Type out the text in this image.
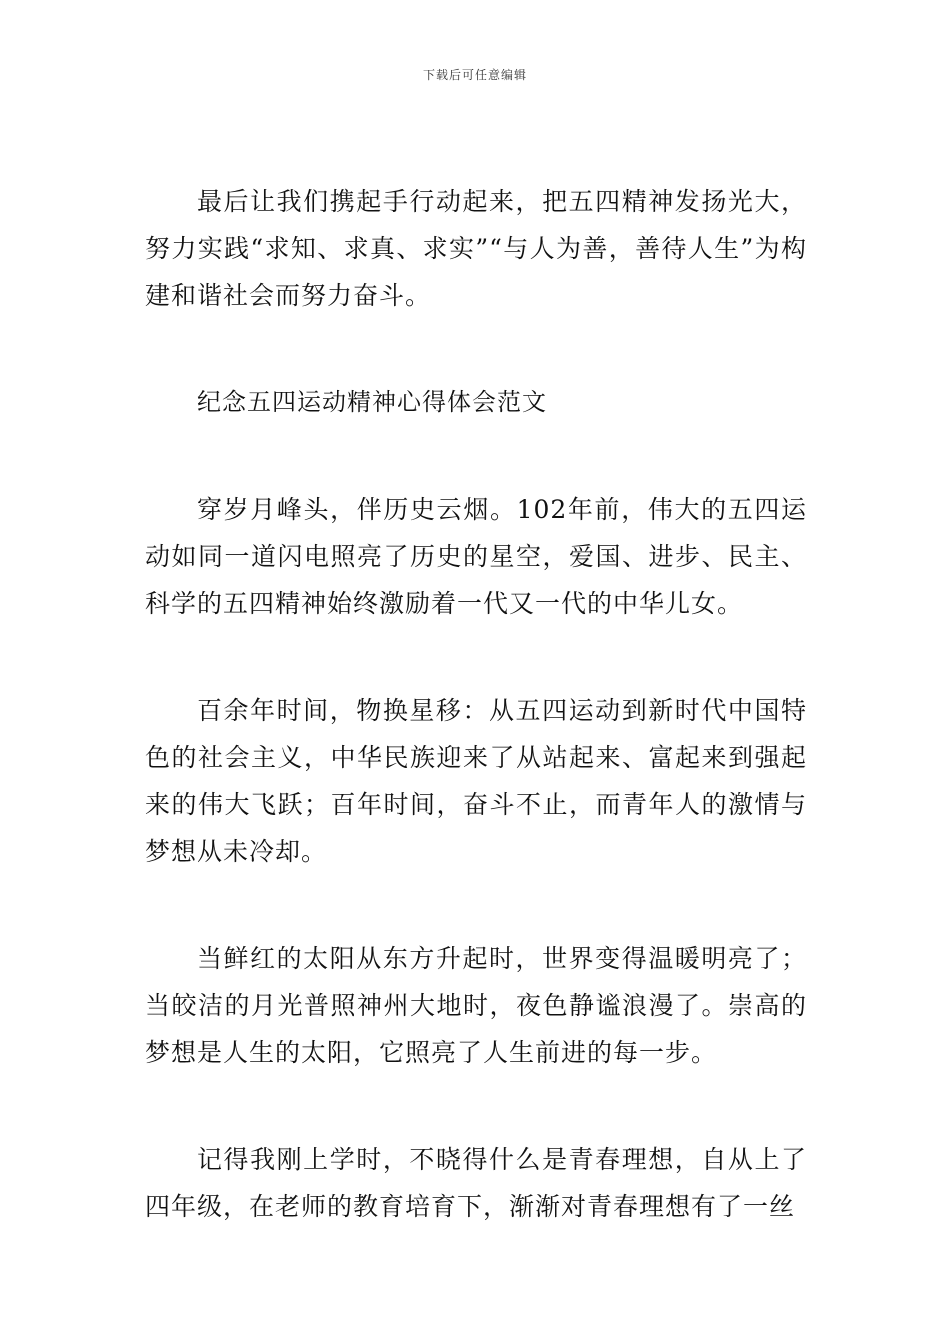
下载后可任意编辑

最后让我们携起手行动起来，把五四精神发扬光大，努力实践“求知、求真、求实”“与人为善，善待人生”为构建和谐社会而努力奋斗。

纪念五四运动精神心得体会范文

穿岁月峰头，伴历史云烟。102年前，伟大的五四运动如同一道闪电照亮了历史的星空，爱国、进步、民主、科学的五四精神始终激励着一代又一代的中华儿女。

百余年时间，物换星移：从五四运动到新时代中国特色的社会主义，中华民族迎来了从站起来、富起来到强起来的伟大飞跃；百年时间，奋斗不止，而青年人的激情与梦想从未冷却。

当鲜红的太阳从东方升起时，世界变得温暖明亮了；当皎洁的月光普照神州大地时，夜色静谧浪漫了。崇高的梦想是人生的太阳，它照亮了人生前进的每一步。

记得我刚上学时，不晓得什么是青春理想，自从上了四年级，在老师的教育培育下，渐渐对青春理想有了一丝
